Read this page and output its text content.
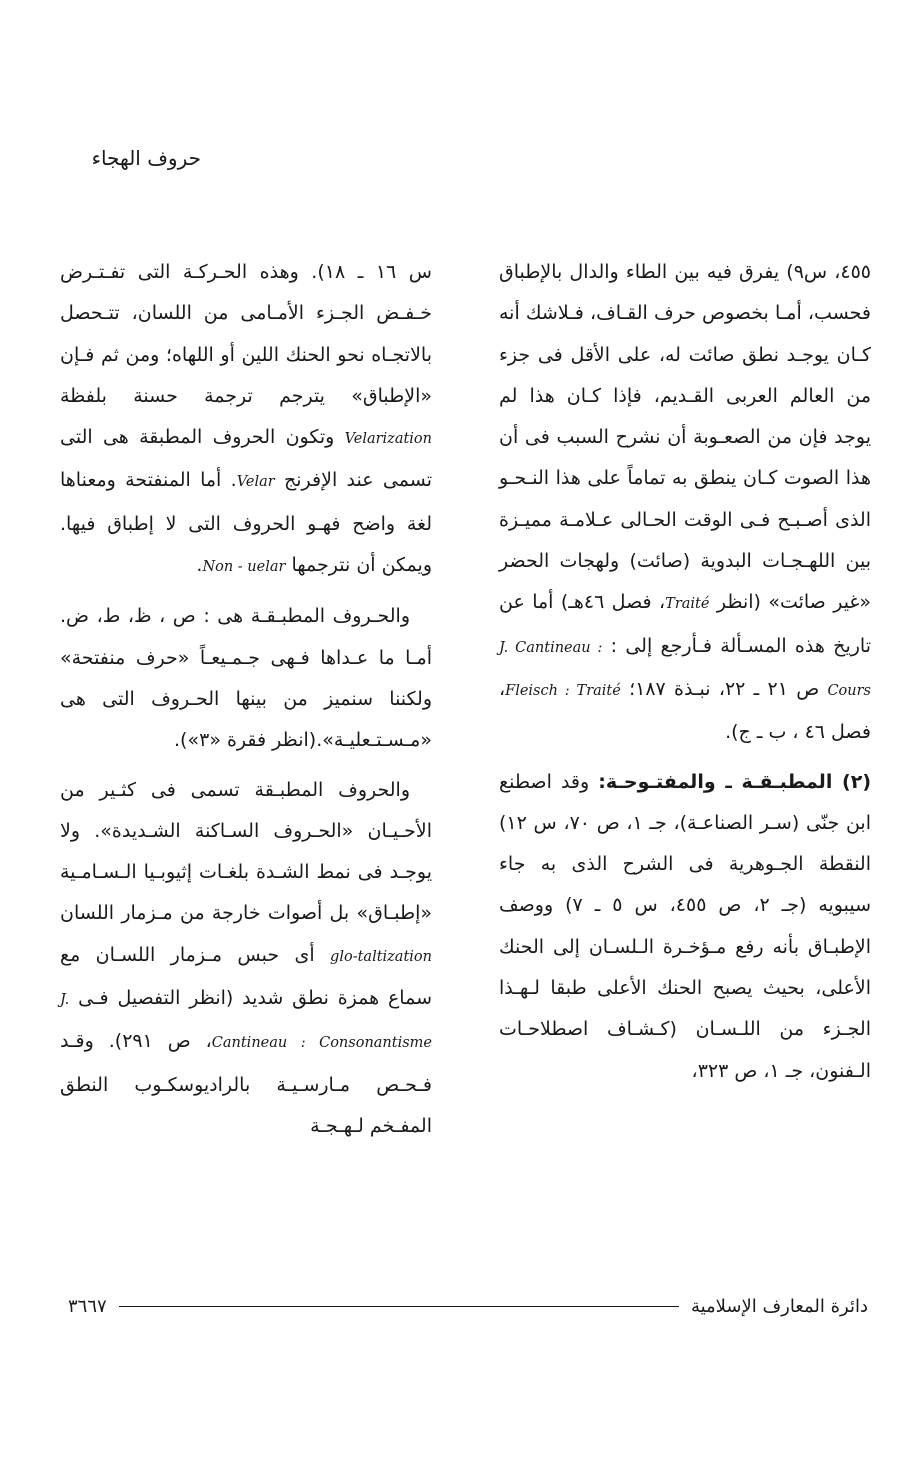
حروف الهجاء

٤٥٥، س٩) يفرق فيه بين الطاء والدال بالإطباق فحسب، أمـا بخصوص حرف القـاف، فـلاشك أنه كـان يوجـد نطق صائت له، على الأقل فى جزء من العالم العربى القـديم، فإذا كـان هذا لم يوجد فإن من الصعـوبة أن نشرح السبب فى أن هذا الصوت كـان ينطق به تماماً على هذا النـحـو الذى أصـبـح فـى الوقت الحـالى عـلامـة مميـزة بين اللهـجـات البدوية (صائت) ولهجات الحضر «غير صائت» (انظر Traité، فصل ٤٦هـ) أما عن تاريخ هذه المسـألة فـأرجع إلى : J. Cantineau : Cours ص ٢١ ـ ٢٢، نبـذة ١٨٧؛ Fleisch : Traité، فصل ٤٦ ، ب ـ ج).

(٢) المطبـقـة ـ والمفتـوحـة: وقد اصطنع ابن جنّى (سـر الصناعـة)، جـ ١، ص ٧٠، س ١٢) النقطة الجـوهرية فى الشرح الذى به جاء سيبويه (جـ ٢، ص ٤٥٥، س ٥ ـ ٧) ووصف الإطبـاق بأنه رفع مـؤخـرة الـلسـان إلى الحنك الأعلى، بحيث يصبح الحنك الأعلى طبقا لـهـذا الجـزء من اللـسـان (كـشـاف اصطلاحـات الـفنون، جـ ١، ص ٣٢٣،

س ١٦ ـ ١٨). وهذه الحـركـة التى تفـتـرض خـفـض الجـزء الأمـامى من اللسان، تتـحصل بالاتجـاه نحو الحنك اللين أو اللهاه؛ ومن ثم فـإن «الإطباق» يترجم ترجمة حسنة بلفظة Velarization وتكون الحروف المطبقة هى التى تسمى عند الإفرنج Velar. أما المنفتحة ومعناها لغة واضح فهـو الحروف التى لا إطباق فيها. ويمكن أن نترجمها Non - uelar.

والحـروف المطبـقـة هى : ص ، ظ، ط، ض. أمـا ما عـداها فـهى جـمـيعـاً «حرف منفتحة» ولكننا سنميز من بينها الحـروف التى هى «مـسـتـعليـة».(انظر فقرة «٣»).

والحروف المطبـقة تسمى فى كثـير من الأحـيـان «الحـروف السـاكنة الشـديدة». ولا يوجـد فى نمط الشـدة بلغـات إثيوبـيا الـسـامـية «إطبـاق» بل أصوات خارجة من مـزمار اللسان glo-taltization أى حبس مـزمار اللسـان مع سماع همزة نطق شديد (انظر التفصيل فـى J. Cantineau : Consonantisme، ص ٢٩١). وقـد فـحـص مـارسـيـة بالراديوسكـوب النطق المفـخم لـهـجـة

دائرة المعارف الإسلامية
٣٦٦٧
